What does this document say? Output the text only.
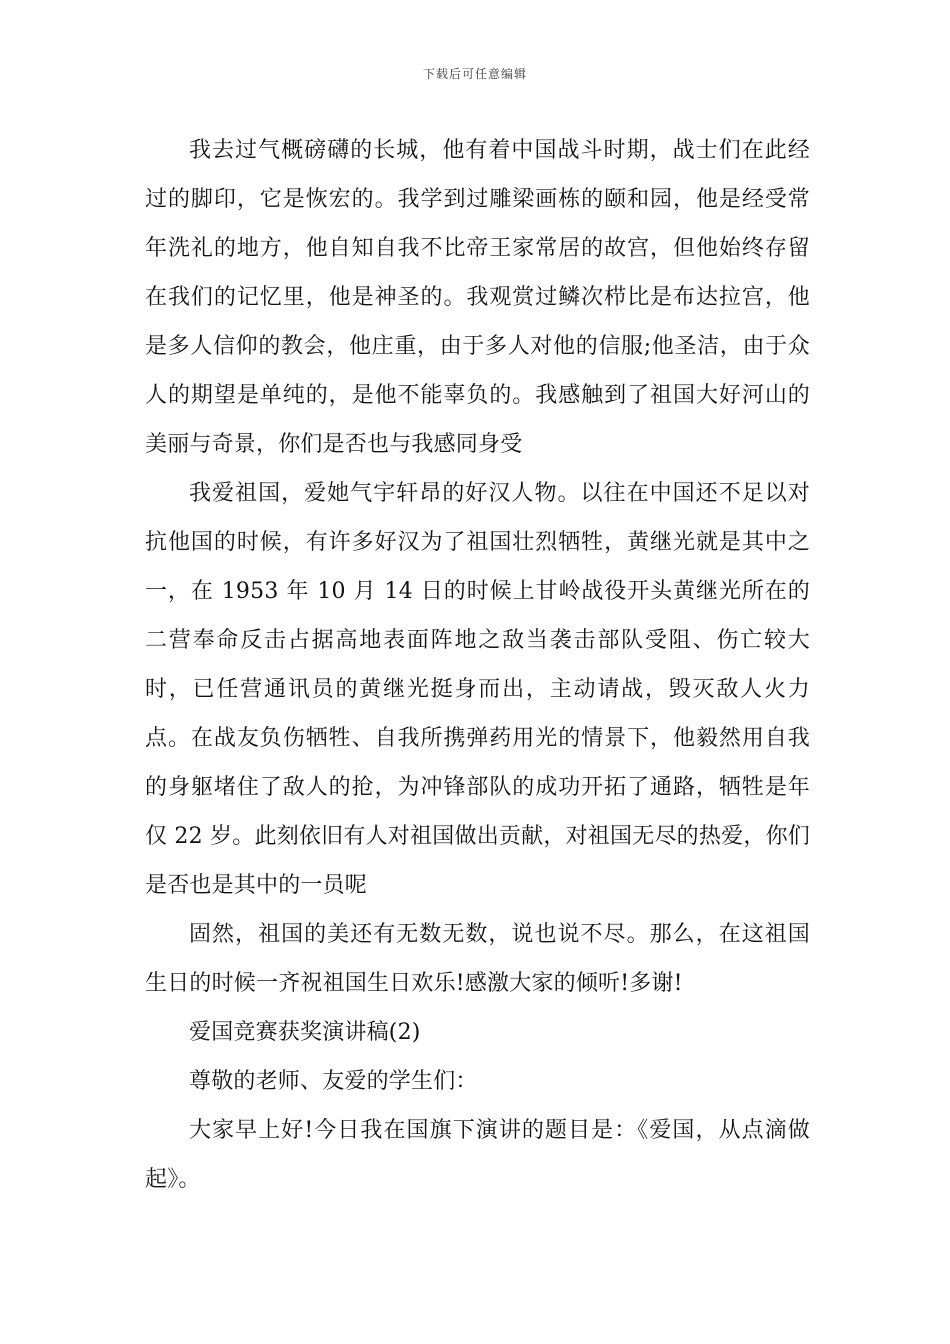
下载后可任意编辑

我去过气概磅礴的长城，他有着中国战斗时期，战士们在此经过的脚印，它是恢宏的。我学到过雕梁画栋的颐和园，他是经受常年洗礼的地方，他自知自我不比帝王家常居的故宫，但他始终存留在我们的记忆里，他是神圣的。我观赏过鳞次栉比是布达拉宫，他是多人信仰的教会，他庄重，由于多人对他的信服;他圣洁，由于众人的期望是单纯的，是他不能辜负的。我感触到了祖国大好河山的美丽与奇景，你们是否也与我感同身受

我爱祖国，爱她气宇轩昂的好汉人物。以往在中国还不足以对抗他国的时候，有许多好汉为了祖国壮烈牺牲，黄继光就是其中之一，在 1953 年 10 月 14 日的时候上甘岭战役开头黄继光所在的二营奉命反击占据高地表面阵地之敌当袭击部队受阻、伤亡较大时，已任营通讯员的黄继光挺身而出，主动请战，毁灭敌人火力点。在战友负伤牺牲、自我所携弹药用光的情景下，他毅然用自我的身躯堵住了敌人的抢，为冲锋部队的成功开拓了通路，牺牲是年仅 22 岁。此刻依旧有人对祖国做出贡献，对祖国无尽的热爱，你们是否也是其中的一员呢

固然，祖国的美还有无数无数，说也说不尽。那么，在这祖国生日的时候一齐祝祖国生日欢乐!感激大家的倾听!多谢!

爱国竞赛获奖演讲稿(2)

尊敬的老师、友爱的学生们：

大家早上好!今日我在国旗下演讲的题目是：《爱国，从点滴做起》。
